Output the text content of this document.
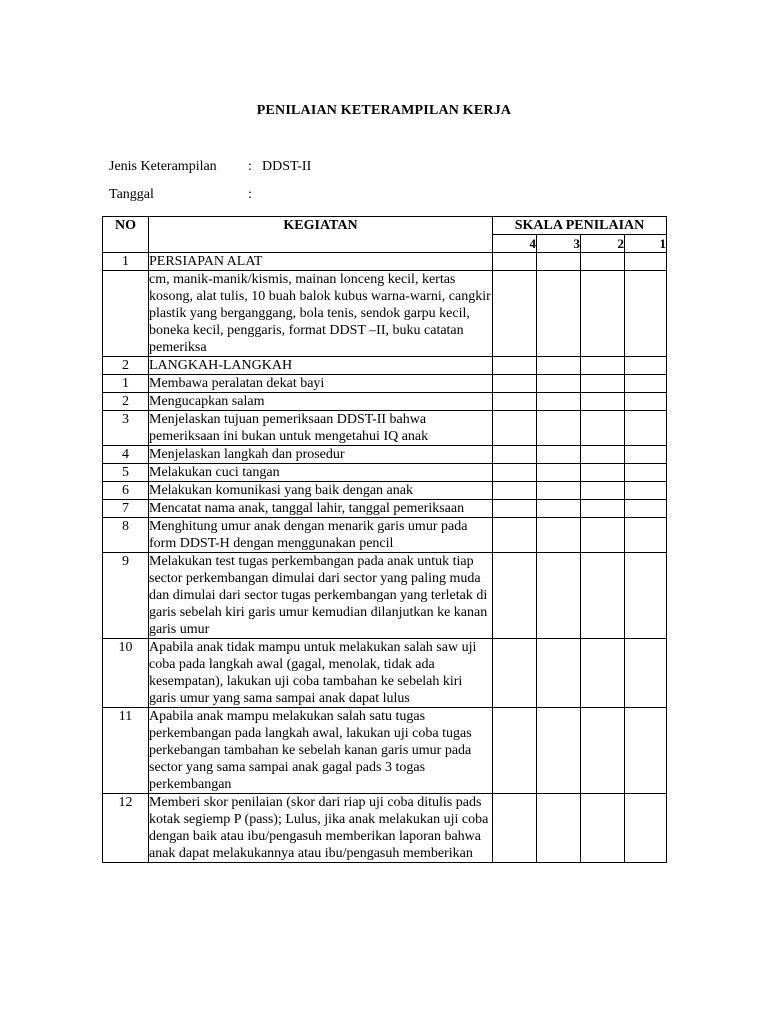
PENILAIAN KETERAMPILAN KERJA
Jenis Keterampilan : DDST-II
Tanggal	:
NO	KEGIATAN	SKALA PENILAIAN			
		4	3	2	1
1	PERSIAPAN ALAT				
	cm, manik-manik/kismis, mainan lonceng kecil, kertas kosong, alat tulis, 10 buah balok kubus warna-warni, cangkir plastik yang berganggang, bola tenis, sendok garpu kecil, boneka kecil, penggaris, format DDST –II, buku catatan pemeriksa				
2	LANGKAH-LANGKAH				
1	Membawa peralatan dekat bayi				
2	Mengucapkan salam				
3	Menjelaskan tujuan pemeriksaan DDST-II bahwa pemeriksaan ini bukan untuk mengetahui IQ anak				
4	Menjelaskan langkah dan prosedur				
5	Melakukan cuci tangan				
6	Melakukan komunikasi yang baik dengan anak				
7	Mencatat nama anak, tanggal lahir, tanggal pemeriksaan				
8	Menghitung umur anak dengan menarik garis umur pada form DDST-H dengan menggunakan pencil				
9	Melakukan test tugas perkembangan pada anak untuk tiap sector perkembangan dimulai dari sector yang paling muda dan dimulai dari sector tugas perkembangan yang terletak di garis sebelah kiri garis umur kemudian dilanjutkan ke kanan garis umur				
10	Apabila anak tidak mampu untuk melakukan salah saw uji coba pada langkah awal (gagal, menolak, tidak ada kesempatan), lakukan uji coba tambahan ke sebelah kiri garis umur yang sama sampai anak dapat lulus				
11	Apabila anak mampu melakukan salah satu tugas perkembangan pada langkah awal, lakukan uji coba tugas perkebangan tambahan ke sebelah kanan garis umur pada sector yang sama sampai anak gagal pads 3 togas perkembangan				
12	Memberi skor penilaian (skor dari riap uji coba ditulis pads kotak segiemp P (pass); Lulus, jika anak melakukan uji coba dengan baik atau ibu/pengasuh memberikan laporan bahwa anak dapat melakukannya atau ibu/pengasuh memberikan				
